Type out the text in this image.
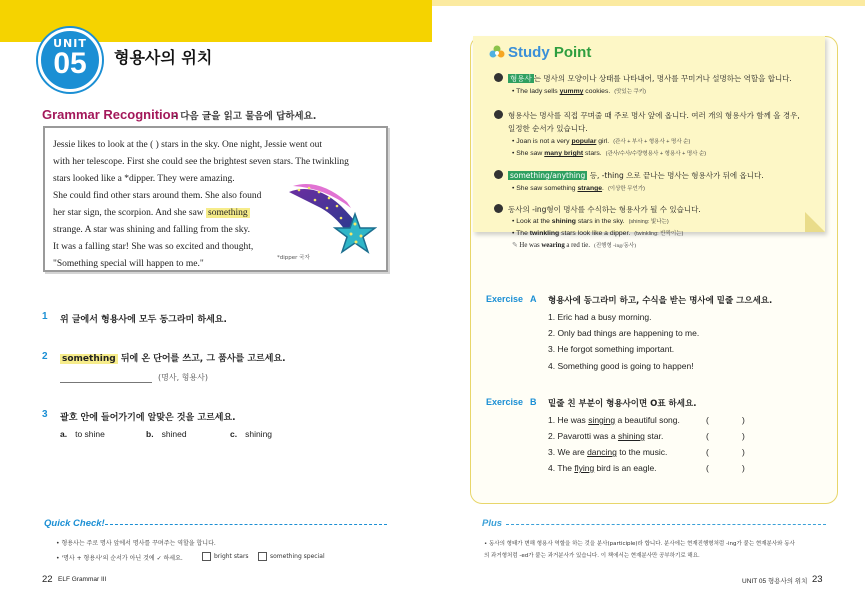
UNIT
05	형용사의 위치
Grammar Recognition
- 다음 글을 읽고 물음에 답하세요.
Jessie likes to look at the ( ) stars in the sky. One night, Jessie went out
with her telescope. First she could see the brightest seven stars. The twinkling
stars looked like a *dipper. They were amazing.
She could find other stars around them. She also found
her star sign, the scorpion. And she saw something
strange. A star was shining and falling from the sky.
It was a falling star! She was so excited and thought,
"Something special will happen to me."
*dipper 국자
1 위 글에서 형용사에 모두 동그라미 하세요.
2 something 뒤에 온 단어를 쓰고, 그 품사를 고르세요.
(명사, 형용사)
3 괄호 안에 들어가기에 알맞은 것을 고르세요.
a. to shine	b. shined	c. shining
Quick Check!
• 형용사는 주로 명사 앞에서 명사를 꾸며주는 역할을 합니다.
• '명사 + 형용사'의 순서가 아닌 것에 ✓ 하세요.	bright stars	something special
22 ELF Grammar III
Study Point
형용사 는 명사의 모양이나 상태를 나타내어, 명사를 꾸미거나 설명하는 역할을 합니다.
• The lady sells yummy cookies. (맛있는 쿠키)
형용사는 명사를 직접 꾸며줄 때 주로 명사 앞에 옵니다. 여러 개의 형용사가 함께 올 경우,
일정한 순서가 있습니다.
• Joan is not a very popular girl. (관사 + 부사 + 형용사 + 명사 순)
• She saw many bright stars. (관사/수사/수량형용사 + 형용사 + 명사 순)
something/anything 등, -thing 으로 끝나는 명사는 형용사가 뒤에 옵니다.
• She saw something strange. (이상한 무언가)
동사의 -ing형이 명사를 수식하는 형용사가 될 수 있습니다.
• Look at the shining stars in the sky. (shining: 빛나는)
• The twinkling stars look like a dipper. (twinkling: 반짝이는)
✎ He was wearing a red tie. (진행형 -ing/동사)
Exercise A 형용사에 동그라미 하고, 수식을 받는 명사에 밑줄 그으세요.
1. Eric had a busy morning.
2. Only bad things are happening to me.
3. He forgot something important.
4. Something good is going to happen!
Exercise B 밑줄 친 부분이 형용사이면 O표 하세요.
1. He was singing a beautiful song.	(	)
2. Pavarotti was a shining star.	(	)
3. We are dancing to the music.	(	)
4. The flying bird is an eagle.	(	)
Plus
• 동사의 형태가 변해 형용사 역할을 하는 것을 분사(participle)라 합니다. 분사에는 현재진행형처럼 -ing가 붙는 현재분사와 동사
의 과거형처럼 -ed가 붙는 과거분사가 있습니다. 이 책에서는 현재분사만 공부하기로 해요.
UNIT 05 형용사의 위치 23
